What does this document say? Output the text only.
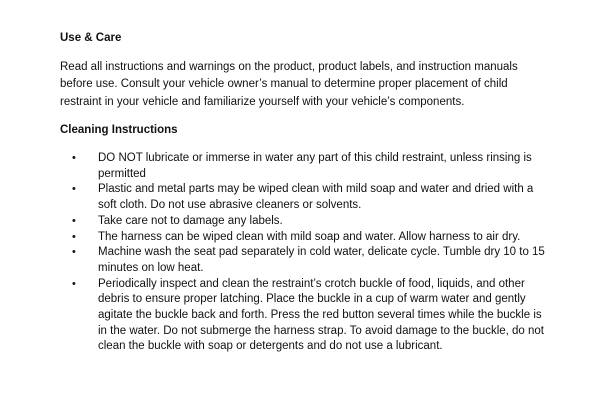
Use & Care

Read all instructions and warnings on the product, product labels, and instruction manuals before use. Consult your vehicle owner’s manual to determine proper placement of child restraint in your vehicle and familiarize yourself with your vehicle’s components.

Cleaning Instructions
• DO NOT lubricate or immerse in water any part of this child restraint, unless rinsing is permitted
• Plastic and metal parts may be wiped clean with mild soap and water and dried with a soft cloth. Do not use abrasive cleaners or solvents.
• Take care not to damage any labels.
• The harness can be wiped clean with mild soap and water. Allow harness to air dry.
• Machine wash the seat pad separately in cold water, delicate cycle. Tumble dry 10 to 15 minutes on low heat.
• Periodically inspect and clean the restraint’s crotch buckle of food, liquids, and other debris to ensure proper latching. Place the buckle in a cup of warm water and gently agitate the buckle back and forth. Press the red button several times while the buckle is in the water. Do not submerge the harness strap. To avoid damage to the buckle, do not clean the buckle with soap or detergents and do not use a lubricant.
